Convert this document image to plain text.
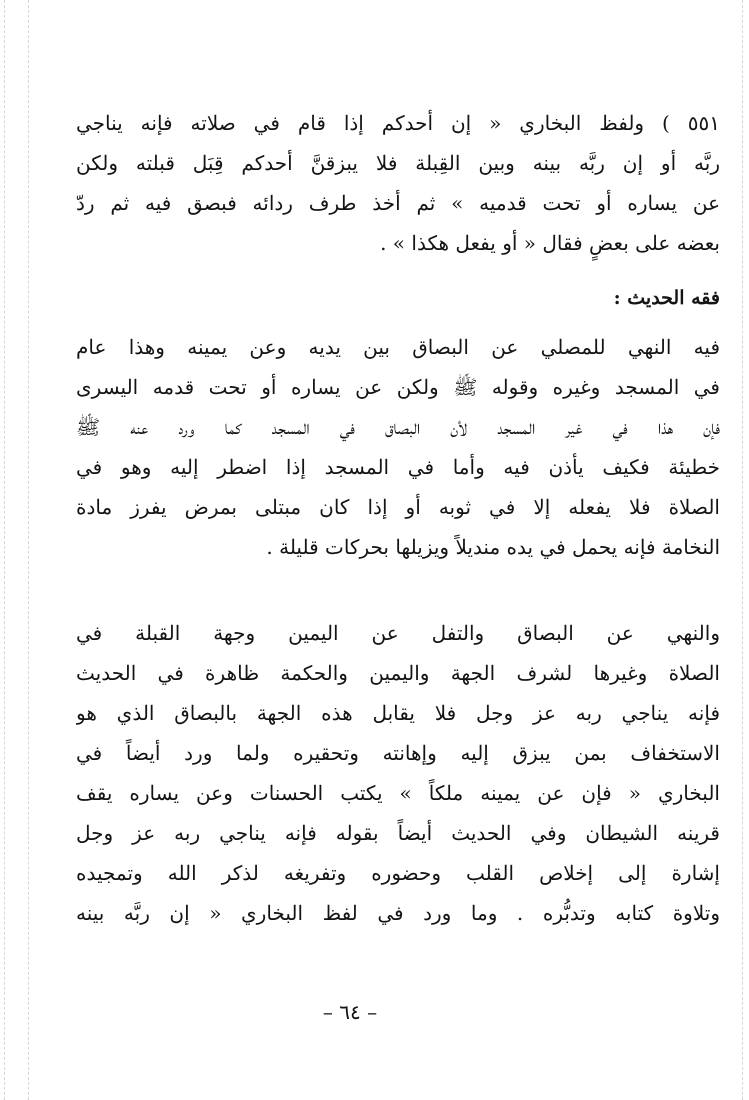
٥٥١ ) ولفظ البخاري « إن أحدكم إذا قام في صلاته فإنه يناجي
ربَّه أو إن ربَّه بينه وبين القِبلة فلا يبزقنَّ أحدكم قِبَل قبلته ولكن
عن يساره أو تحت قدميه » ثم أخذ طرف ردائه فبصق فيه ثم ردّ
بعضه على بعضٍ فقال « أو يفعل هكذا » .
فقه الحديث :
فيه النهي للمصلي عن البصاق بين يديه وعن يمينه وهذا عام
في المسجد وغيره وقوله ﷺ ولكن عن يساره أو تحت قدمه اليسرى
فإن هذا في غير المسجد لأن البصاق في المسجد كما ورد عنه ﷺ
خطيئة فكيف يأذن فيه وأما في المسجد إذا اضطر إليه وهو في
الصلاة فلا يفعله إلا في ثوبه أو إذا كان مبتلى بمرض يفرز مادة
النخامة فإنه يحمل في يده منديلاً ويزيلها بحركات قليلة .
والنهي عن البصاق والتفل عن اليمين وجهة القبلة في
الصلاة وغيرها لشرف الجهة واليمين والحكمة ظاهرة في الحديث
فإنه يناجي ربه عز وجل فلا يقابل هذه الجهة بالبصاق الذي هو
الاستخفاف بمن يبزق إليه وإهانته وتحقيره ولما ورد أيضاً في
البخاري « فإن عن يمينه ملكاً » يكتب الحسنات وعن يساره يقف
قرينه الشيطان وفي الحديث أيضاً بقوله فإنه يناجي ربه عز وجل
إشارة إلى إخلاص القلب وحضوره وتفريغه لذكر الله وتمجيده
وتلاوة كتابه وتدبُّره . وما ورد في لفظ البخاري « إن ربَّه بينه
– ٦٤ –
